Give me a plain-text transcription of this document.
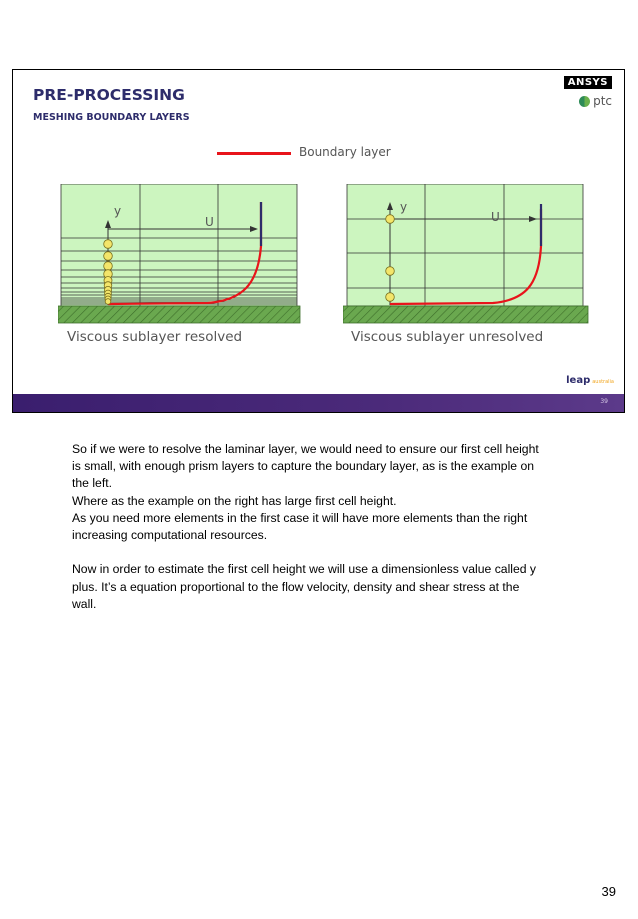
PRE-PROCESSING
MESHING BOUNDARY LAYERS
ANSYS
ptc
Boundary layer
y
U
Viscous sublayer resolved
y
U
Viscous sublayer unresolved
leap australia
39

So if we were to resolve the laminar layer, we would need to ensure our first cell height

is small, with enough prism layers to capture the boundary layer, as is the example on

the left.

Where as the example on the right has large first cell height.

As you need more elements in the first case it will have more elements than the right

increasing computational resources.

Now in order to estimate the first cell height we will use a dimensionless value called y

plus. It’s a equation proportional to the flow velocity, density and shear stress at the

wall.

39
